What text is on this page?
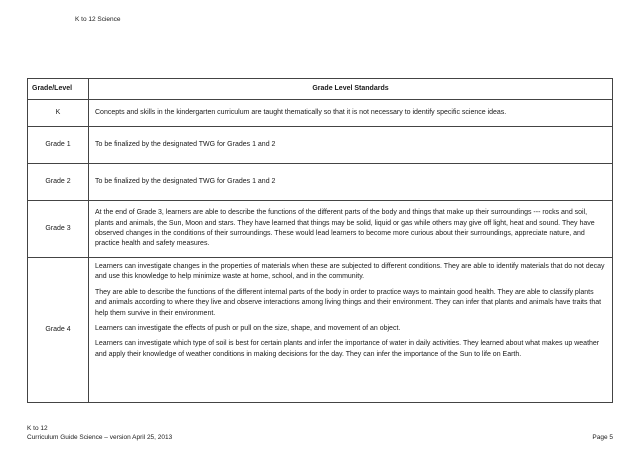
K to 12 Science
Grade/Level	Grade Level Standards
K	Concepts and skills in the kindergarten curriculum are taught thematically so that it is not necessary to identify specific science ideas.

Grade 1	To be finalized by the designated TWG for Grades 1 and 2

Grade 2	To be finalized by the designated TWG for Grades 1 and 2

Grade 3	At the end of Grade 3, learners are able to describe the functions of the different parts of the body and things that make up their surroundings --- rocks and soil, plants and animals, the Sun, Moon and stars. They have learned that things may be solid, liquid or gas while others may give off light, heat and sound. They have observed changes in the conditions of their surroundings. These would lead learners to become more curious about their surroundings, appreciate nature, and practice health and safety measures.

Grade 4	Learners can investigate changes in the properties of materials when these are subjected to different conditions. They are able to identify materials that do not decay and use this knowledge to help minimize waste at home, school, and in the community.

They are able to describe the functions of the different internal parts of the body in order to practice ways to maintain good health. They are able to classify plants and animals according to where they live and observe interactions among living things and their environment. They can infer that plants and animals have traits that help them survive in their environment.

Learners can investigate the effects of push or pull on the size, shape, and movement of an object.

Learners can investigate which type of soil is best for certain plants and infer the importance of water in daily activities. They learned about what makes up weather and apply their knowledge of weather conditions in making decisions for the day. They can infer the importance of the Sun to life on Earth.

K to 12
Curriculum Guide Science – version April 25, 2013	Page 5
